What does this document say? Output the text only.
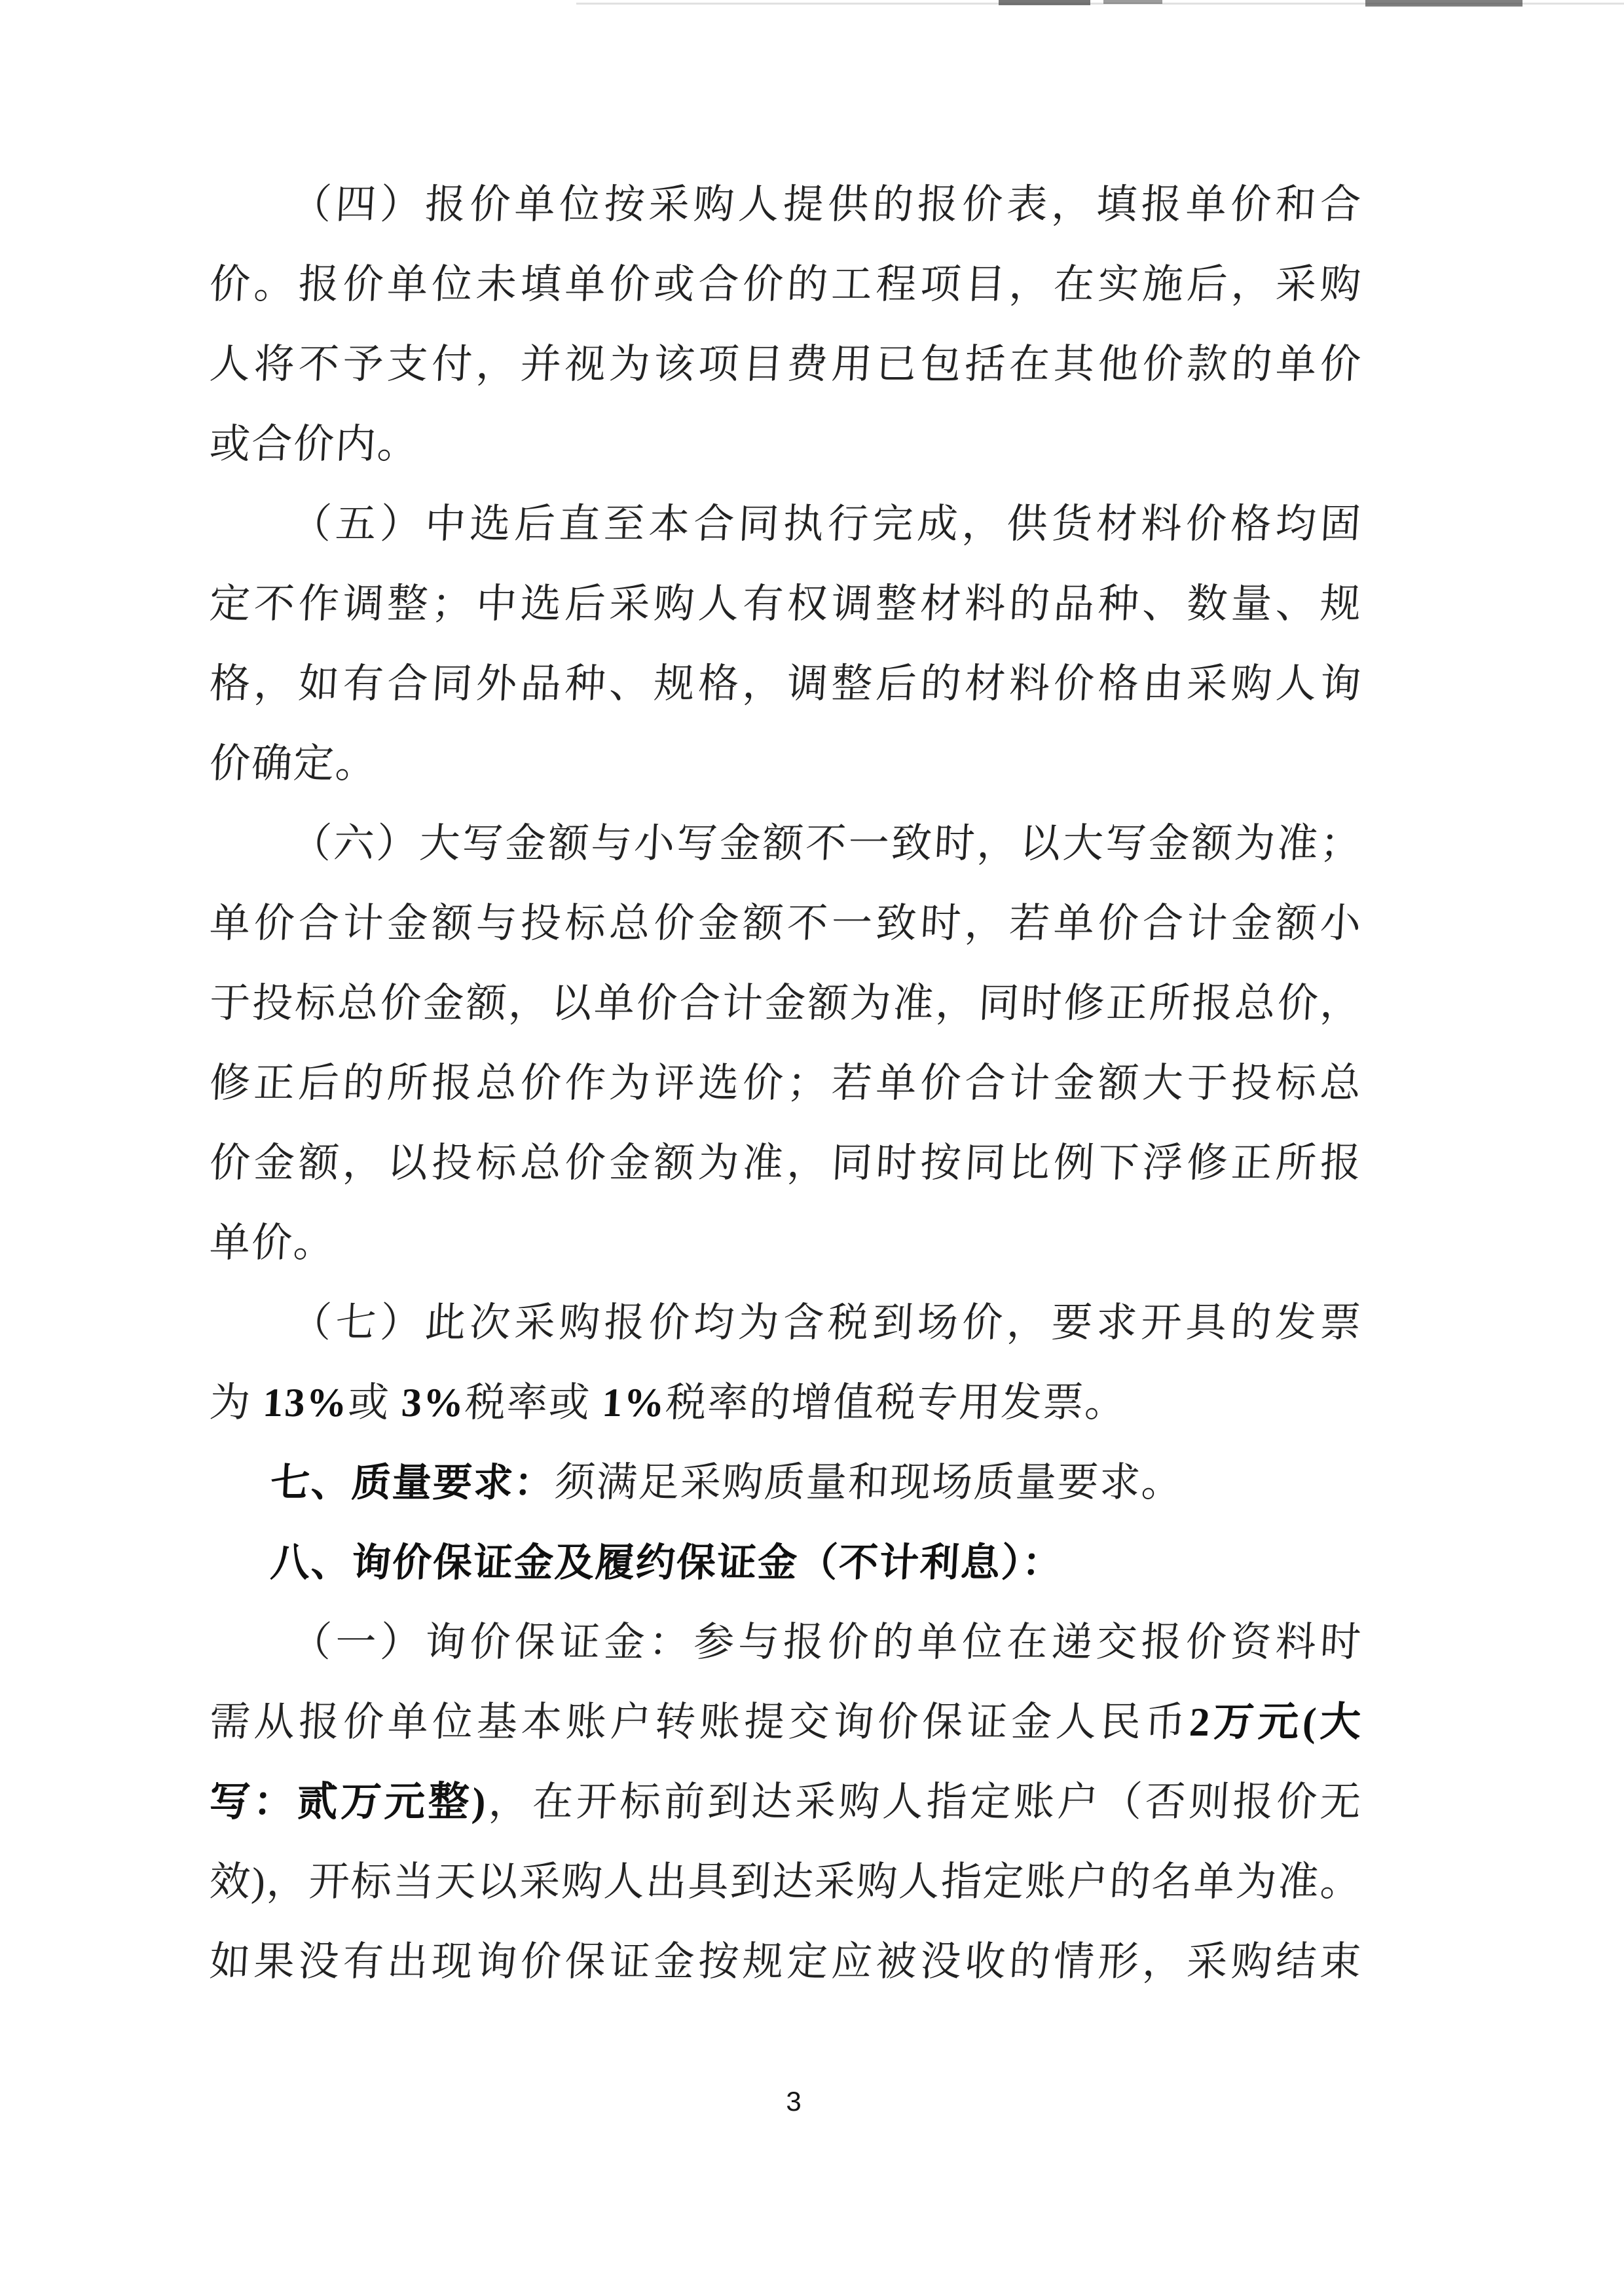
（四）报价单位按采购人提供的报价表，填报单价和合
价。报价单位未填单价或合价的工程项目，在实施后，采购
人将不予支付，并视为该项目费用已包括在其他价款的单价
或合价内。
（五）中选后直至本合同执行完成，供货材料价格均固
定不作调整；中选后采购人有权调整材料的品种、数量、规
格，如有合同外品种、规格，调整后的材料价格由采购人询
价确定。
（六）大写金额与小写金额不一致时，以大写金额为准；
单价合计金额与投标总价金额不一致时，若单价合计金额小
于投标总价金额，以单价合计金额为准，同时修正所报总价，
修正后的所报总价作为评选价；若单价合计金额大于投标总
价金额，以投标总价金额为准，同时按同比例下浮修正所报
单价。
（七）此次采购报价均为含税到场价，要求开具的发票
为 13%或 3%税率或 1%税率的增值税专用发票。
七、质量要求：须满足采购质量和现场质量要求。
八、询价保证金及履约保证金（不计利息）：
（一）询价保证金：参与报价的单位在递交报价资料时
需从报价单位基本账户转账提交询价保证金人民币2万元(大
写：贰万元整)，在开标前到达采购人指定账户（否则报价无
效)，开标当天以采购人出具到达采购人指定账户的名单为准。
如果没有出现询价保证金按规定应被没收的情形，采购结束
3
